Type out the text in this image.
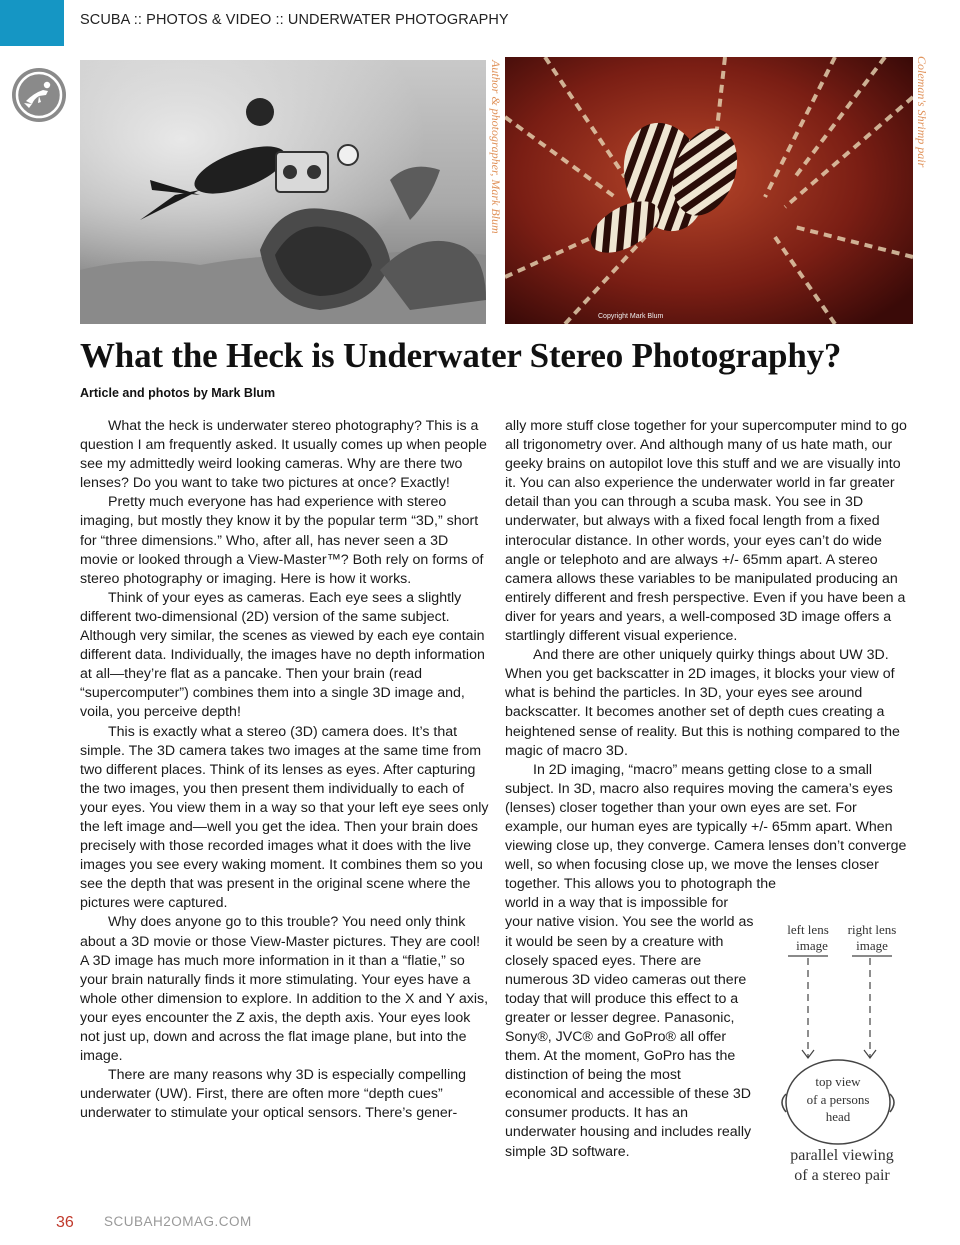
SCUBA :: PHOTOS & VIDEO :: UNDERWATER PHOTOGRAPHY
Author & photographer, Mark Blum
Copyright Mark Blum
Coleman's Shrimp pair
What the Heck is Underwater Stereo Photography?
Article and photos by Mark Blum

What the heck is underwater stereo photography? This is a question I am frequently asked. It usually comes up when people see my admittedly weird looking cameras. Why are there two lenses? Do you want to take two pictures at once? Exactly!

Pretty much everyone has had experience with stereo imaging, but mostly they know it by the popular term “3D,” short for “three dimensions.” Who, after all, has never seen a 3D movie or looked through a View-Master™? Both rely on forms of stereo photography or imaging. Here is how it works.

Think of your eyes as cameras. Each eye sees a slightly different two-dimensional (2D) version of the same subject. Although very similar, the scenes as viewed by each eye contain different data. Individually, the images have no depth information at all—they’re flat as a pancake. Then your brain (read “supercomputer”) combines them into a single 3D image and, voila, you perceive depth!

This is exactly what a stereo (3D) camera does. It’s that simple. The 3D camera takes two images at the same time from two different places. Think of its lenses as eyes. After capturing the two images, you then present them individually to each of your eyes. You view them in a way so that your left eye sees only the left image and—well you get the idea. Then your brain does precisely with those recorded images what it does with the live images you see every waking moment. It combines them so you see the depth that was present in the original scene where the pictures were captured.

Why does anyone go to this trouble? You need only think about a 3D movie or those View-Master pictures. They are cool! A 3D image has much more information in it than a “flatie,” so your brain naturally finds it more stimulating. Your eyes have a whole other dimension to explore. In addition to the X and Y axis, your eyes encounter the Z axis, the depth axis. Your eyes look not just up, down and across the flat image plane, but into the image.

There are many reasons why 3D is especially compelling underwater (UW). First, there are often more “depth cues” underwater to stimulate your optical sensors. There’s gener-

ally more stuff close together for your supercomputer mind to go all trigonometry over. And although many of us hate math, our geeky brains on autopilot love this stuff and we are visually into it. You can also experience the underwater world in far greater detail than you can through a scuba mask. You see in 3D underwater, but always with a fixed focal length from a fixed interocular distance. In other words, your eyes can’t do wide angle or telephoto and are always +/- 65mm apart. A stereo camera allows these variables to be manipulated producing an entirely different and fresh perspective. Even if you have been a diver for years and years, a well-composed 3D image offers a startlingly different visual experience.

And there are other uniquely quirky things about UW 3D. When you get backscatter in 2D images, it blocks your view of what is behind the particles. In 3D, your eyes see around backscatter. It becomes another set of depth cues creating a heightened sense of reality. But this is nothing compared to the magic of macro 3D.

In 2D imaging, “macro” means getting close to a small subject. In 3D, macro also requires moving the camera’s eyes (lenses) closer together than your own eyes are set. For example, our human eyes are typically +/- 65mm apart. When viewing close up, they converge. Camera lenses don’t converge well, so when focusing close up, we move the lenses closer together. This allows you to photograph the

world in a way that is impossible for your native vision. You see the world as it would be seen by a creature with closely spaced eyes. There are numerous 3D video cameras out there today that will produce this effect to a greater or lesser degree. Panasonic, Sony®, JVC® and GoPro® all offer them. At the moment, GoPro has the distinction of being the most economical and accessible of these 3D consumer products. It has an underwater housing and includes really simple 3D software.

left lens
image
right lens
image
top view
of a persons
head
parallel viewing
of a stereo pair
36 SCUBAH2OMAG.COM
